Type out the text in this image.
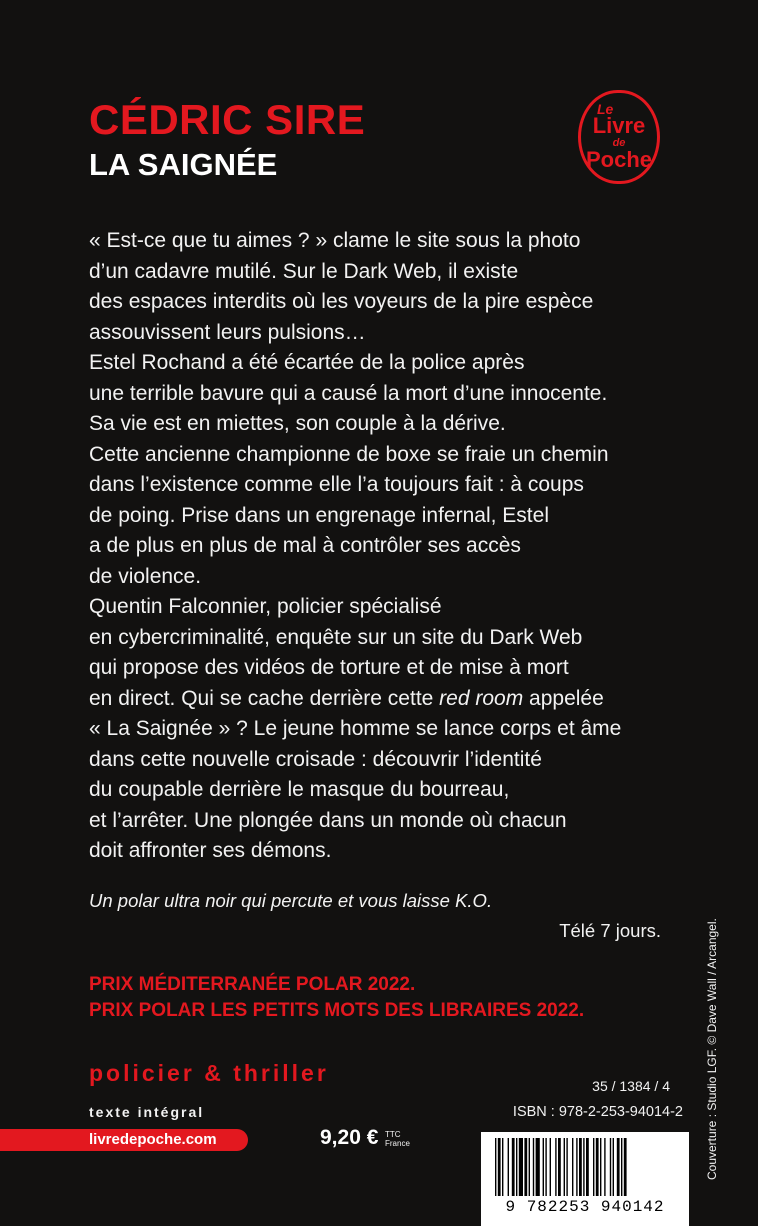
CÉDRIC SIRE
LA SAIGNÉE
Le
Livre
de
Poche

« Est-ce que tu aimes ? » clame le site sous la photo

d’un cadavre mutilé. Sur le Dark Web, il existe

des espaces interdits où les voyeurs de la pire espèce

assouvissent leurs pulsions…

Estel Rochand a été écartée de la police après

une terrible bavure qui a causé la mort d’une innocente.

Sa vie est en miettes, son couple à la dérive.

Cette ancienne championne de boxe se fraie un chemin

dans l’existence comme elle l’a toujours fait : à coups

de poing. Prise dans un engrenage infernal, Estel

a de plus en plus de mal à contrôler ses accès

de violence.

Quentin Falconnier, policier spécialisé

en cybercriminalité, enquête sur un site du Dark Web

qui propose des vidéos de torture et de mise à mort

en direct. Qui se cache derrière cette red room appelée

« La Saignée » ? Le jeune homme se lance corps et âme

dans cette nouvelle croisade : découvrir l’identité

du coupable derrière le masque du bourreau,

et l’arrêter. Une plongée dans un monde où chacun

doit affronter ses démons.

Un polar ultra noir qui percute et vous laisse K.O.
Télé 7 jours.
PRIX MÉDITERRANÉE POLAR 2022.
PRIX POLAR LES PETITS MOTS DES LIBRAIRES 2022.
policier & thriller
texte intégral
livredepoche.com	9,20 € TTC
France
35 / 1384 / 4
ISBN : 978-2-253-94014-2
9 782253 940142
Couverture : Studio LGF. © Dave Wall / Arcangel.
